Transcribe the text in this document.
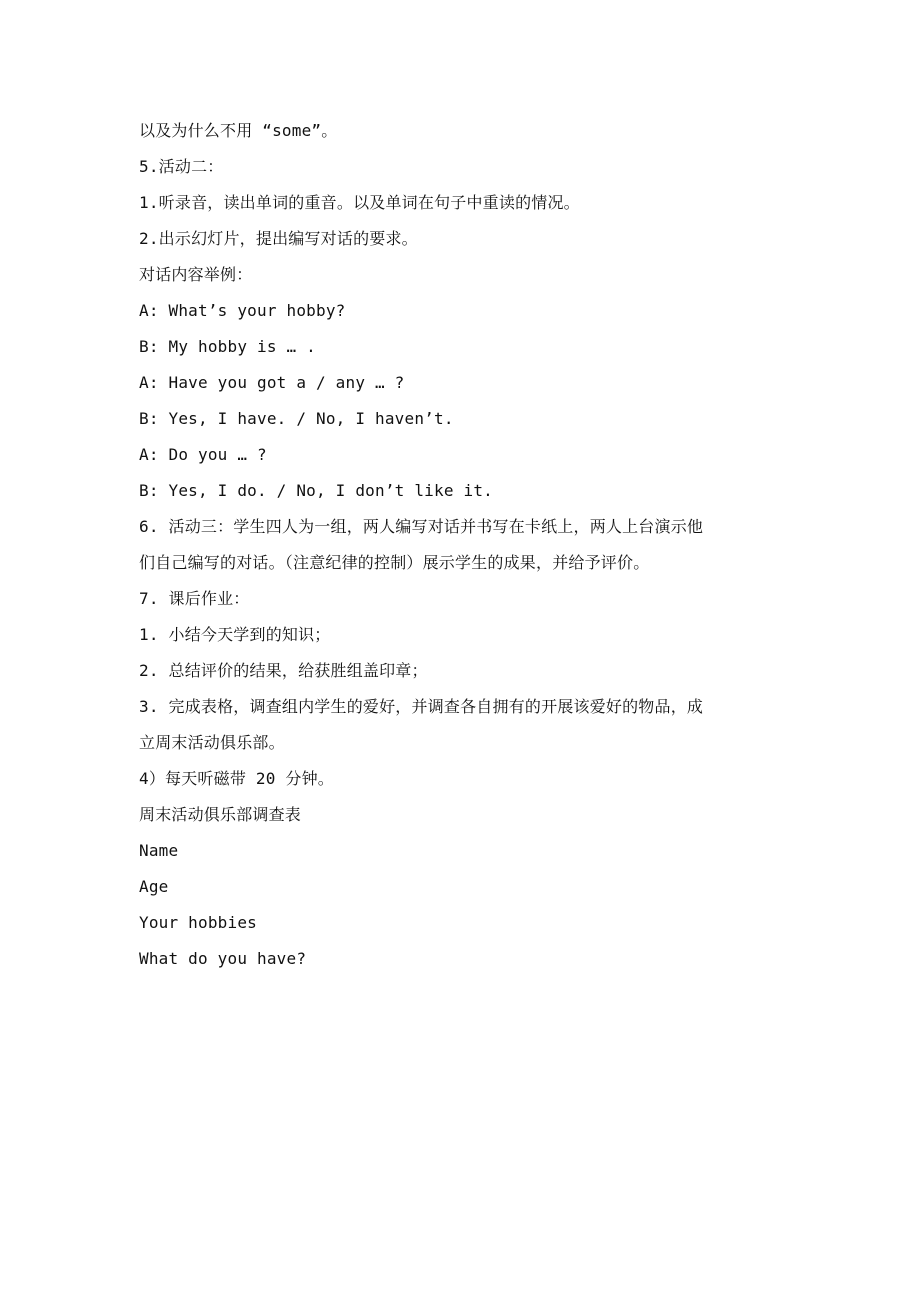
以及为什么不用 “some”。
5.活动二：
1.听录音，读出单词的重音。以及单词在句子中重读的情况。
2.出示幻灯片，提出编写对话的要求。
对话内容举例：
A: What’s your hobby?
B: My hobby is … .
A: Have you got a / any … ?
B: Yes, I have. / No, I haven’t.
A: Do you … ?
B: Yes, I do. / No, I don’t like it.
6. 活动三：学生四人为一组，两人编写对话并书写在卡纸上，两人上台演示他
们自己编写的对话。（注意纪律的控制）展示学生的成果，并给予评价。
7. 课后作业：
1. 小结今天学到的知识；
2. 总结评价的结果，给获胜组盖印章；
3. 完成表格，调查组内学生的爱好，并调查各自拥有的开展该爱好的物品，成
立周末活动俱乐部。
4）每天听磁带 20 分钟。
周末活动俱乐部调查表
Name
Age
Your hobbies
What do you have?
